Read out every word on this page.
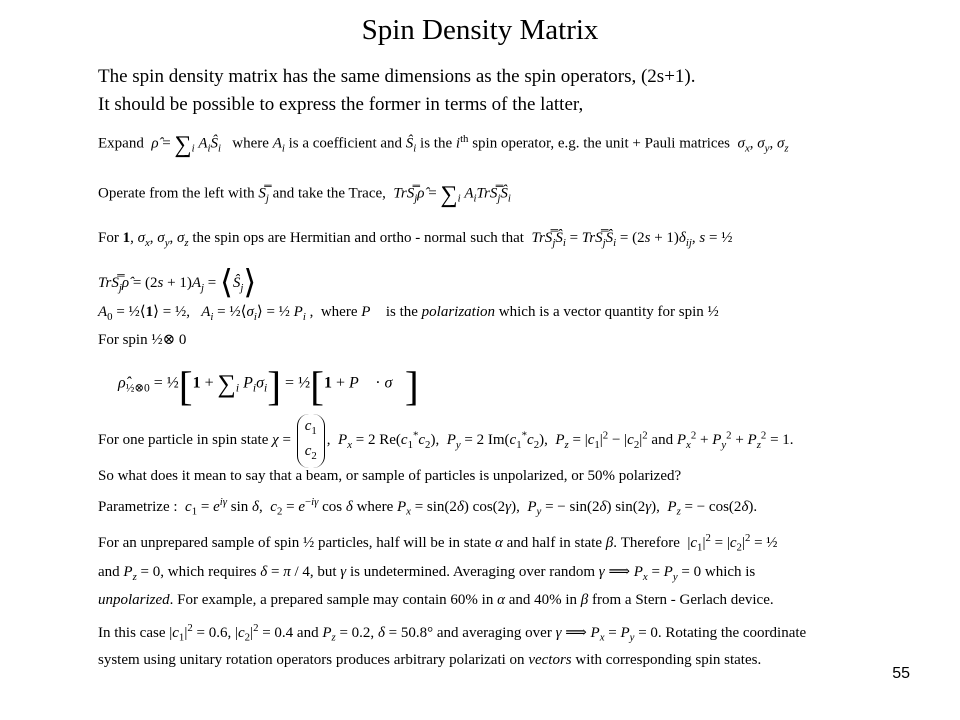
Spin Density Matrix
The spin density matrix has the same dimensions as the spin operators, (2s+1).
It should be possible to express the former in terms of the latter,
Expand ρ̂ = $\sum_i$ $A_iŜ_i$ where $A_i$ is a coefficient and $Ŝ_i$ is the $i^{th}$ spin operator, e.g. the unit + Pauli matrices $\sigma_x$, $\sigma_y$, $\sigma_z$
Operate from the left with $S̿_j$ and take the Trace, $TrS̿_j\rhô = \sum_i$ $A_iTrS̿_jŜ_i$
For 1, $\sigma_x$, $\sigma_y$, $\sigma_z$ the spin ops are Hermitian and ortho - normal such that $TrS̿_jŜ_i$ = $TrS̿_jŜ_i = (2s + 1)\delta_{ij}$, s = ½
$TrS̿_j\rhô = (2s + 1)A_j$ = $⟨Ŝ_j⟩$
$A_0$ = ½⟨1⟩ = ½,   $A_i$ = $\frac{1}{2}⟨\sigma_i⟩$ = ½ $P_i$ ,  where P⃗ is the polarization which is a vector quantity for spin ½
For spin ½⊗ 0
$\rhô_{\frac{1}{2}\otimes 0}$ = ½[1 + $\sum_i$ $P_i\sigma_i$] = ½[1 + P⃗ · σ⃗]
For one particle in spin state $\chi = c_1$
$c_2$,  $P_x = 2$ $Re(c_1^*c_2)$,  $P_y = 2$ $Im(c_1^*c_2)$,  $P_z = |c_1|^2 - |c_2|^2$ and $P_x^2 + P_y^2 + P_z^2 = 1$.
So what does it mean to say that a beam, or sample of particles is unpolarized, or 50% polarized?
Parametrize : $c_1 = e^{i\gamma}$ sin δ,  $c_2 = e^{-i\gamma}$ cos δ where $P_x = \sin(2\delta)$ cos(2γ),  $P_y$ = − sin(2δ) sin(2γ),  $P_z$ = − cos(2δ).
For an unprepared sample of spin ½ particles, half will be in state α and half in state β. Therefore  $|c_1|^2 = |c_2|^2$ = ½
and $P_z = 0$, which requires δ = π / 4, but γ is undetermined. Averaging over random γ ⟹ $P_x = P_y = 0$ which is
unpolarized. For example, a prepared sample may contain 60% in α and 40% in β from a Stern - Gerlach device.
In this case $|c_1|^2 = 0.6$, $|c_2|^2 = 0.4$ and $P_z = 0.2$, δ = 50.8° and averaging over γ ⟹ $P_x = P_y = 0$. Rotating the coordinate
system using unitary rotation operators produces arbitrary polarizati on vectors with corresponding spin states.
55
